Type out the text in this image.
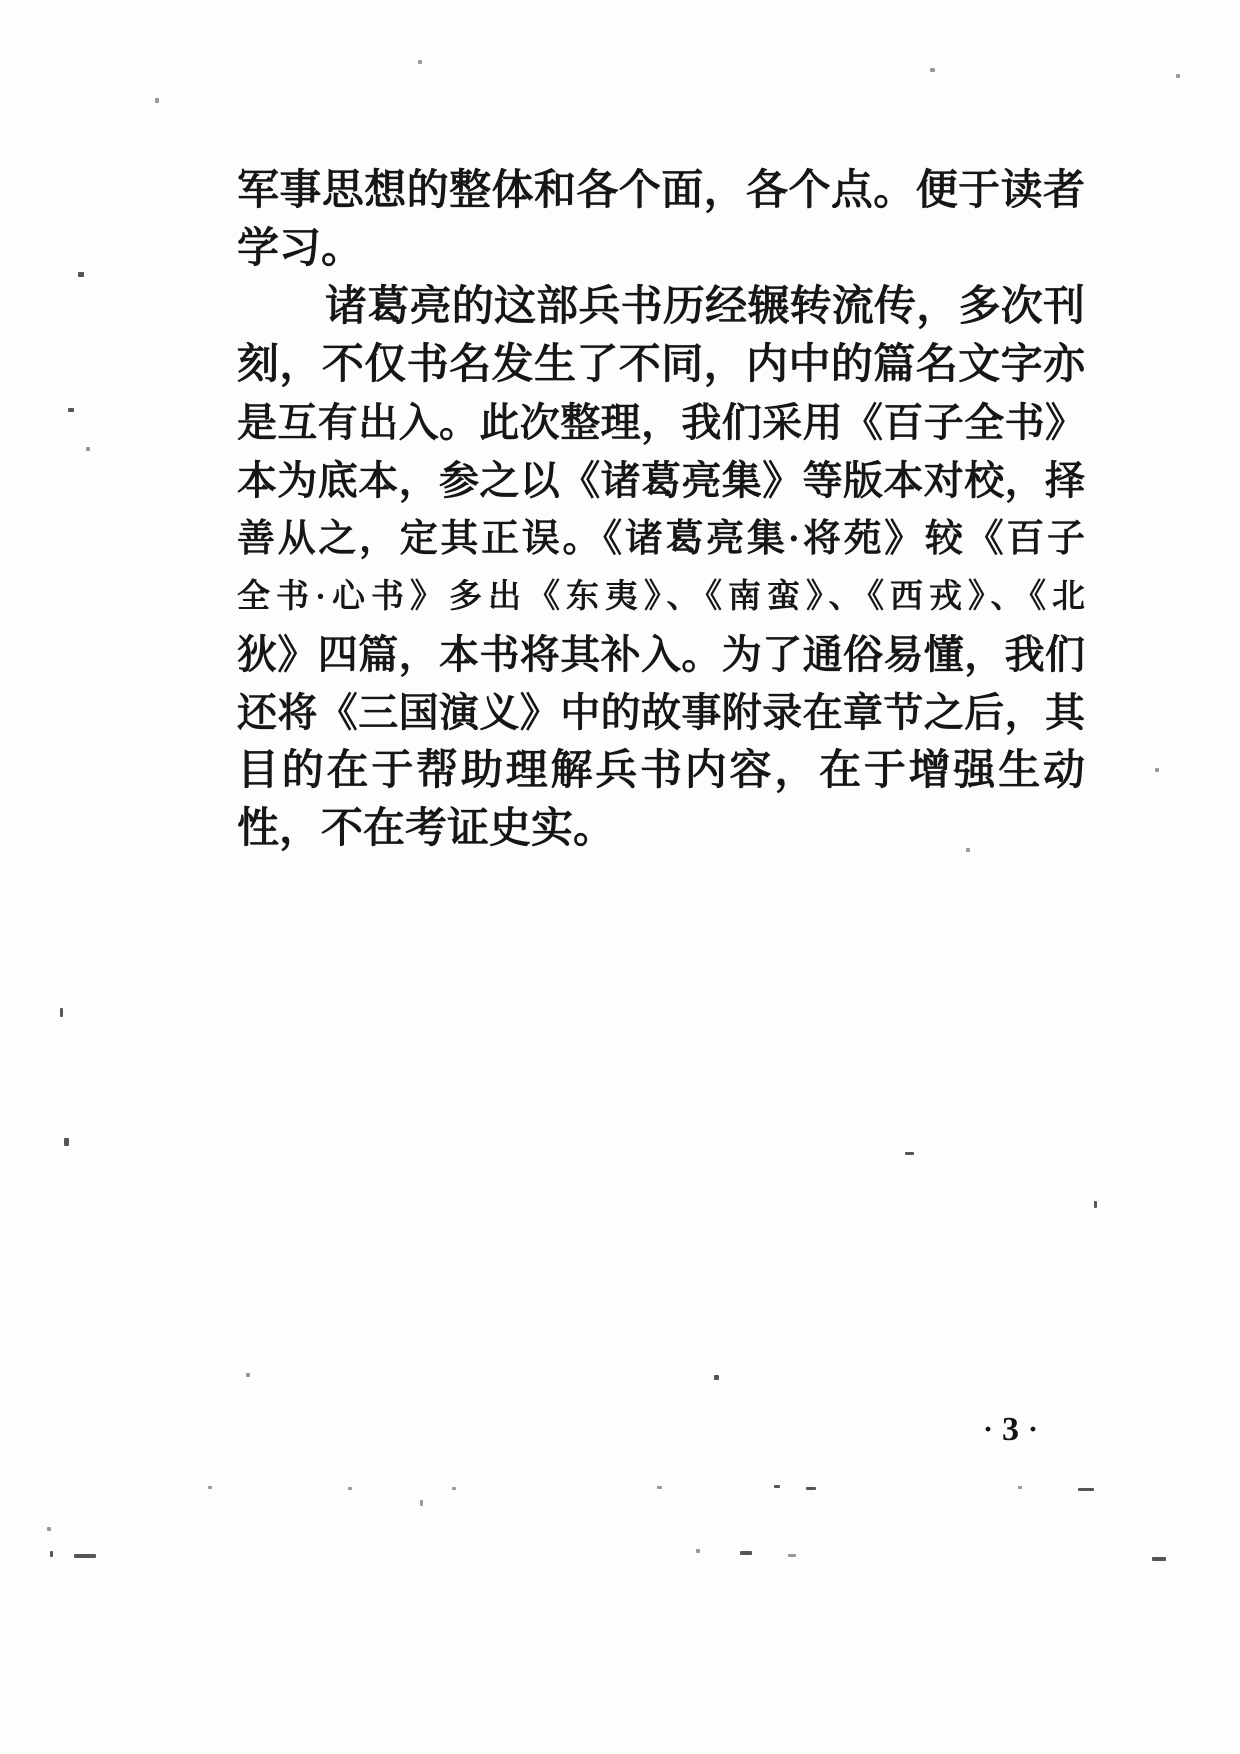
军事思想的整体和各个面，各个点。便于读者
学习。
诸葛亮的这部兵书历经辗转流传，多次刊
刻，不仅书名发生了不同，内中的篇名文字亦
是互有出入。此次整理，我们采用《百子全书》
本为底本，参之以《诸葛亮集》等版本对校，择
善从之，定其正误。《诸葛亮集·将苑》较《百子
全书·心书》多出《东夷》、《南蛮》、《西戎》、《北
狄》四篇，本书将其补入。为了通俗易懂，我们
还将《三国演义》中的故事附录在章节之后，其
目的在于帮助理解兵书内容，在于增强生动
性，不在考证史实。
· 3 ·
